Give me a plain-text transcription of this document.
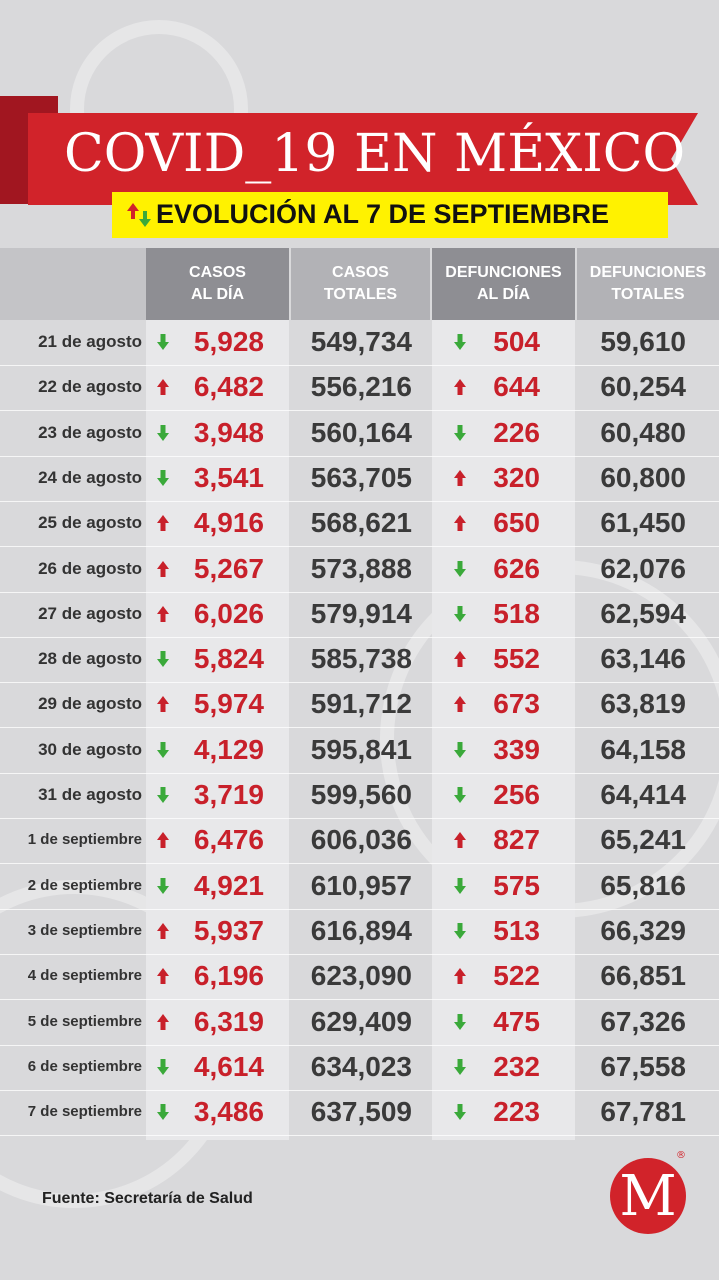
COVID_19 EN MÉXICO
EVOLUCIÓN AL 7 DE SEPTIEMBRE
CASOS
AL DÍA
CASOS
TOTALES
DEFUNCIONES
AL DÍA
DEFUNCIONES
TOTALES
21 de agosto	5,928	549,734	504	59,610
22 de agosto	6,482	556,216	644	60,254
23 de agosto	3,948	560,164	226	60,480
24 de agosto	3,541	563,705	320	60,800
25 de agosto	4,916	568,621	650	61,450
26 de agosto	5,267	573,888	626	62,076
27 de agosto	6,026	579,914	518	62,594
28 de agosto	5,824	585,738	552	63,146
29 de agosto	5,974	591,712	673	63,819
30 de agosto	4,129	595,841	339	64,158
31 de agosto	3,719	599,560	256	64,414
1 de septiembre	6,476	606,036	827	65,241
2 de septiembre	4,921	610,957	575	65,816
3 de septiembre	5,937	616,894	513	66,329
4 de septiembre	6,196	623,090	522	66,851
5 de septiembre	6,319	629,409	475	67,326
6 de septiembre	4,614	634,023	232	67,558
7 de septiembre	3,486	637,509	223	67,781
Fuente: Secretaría de Salud	M
®
